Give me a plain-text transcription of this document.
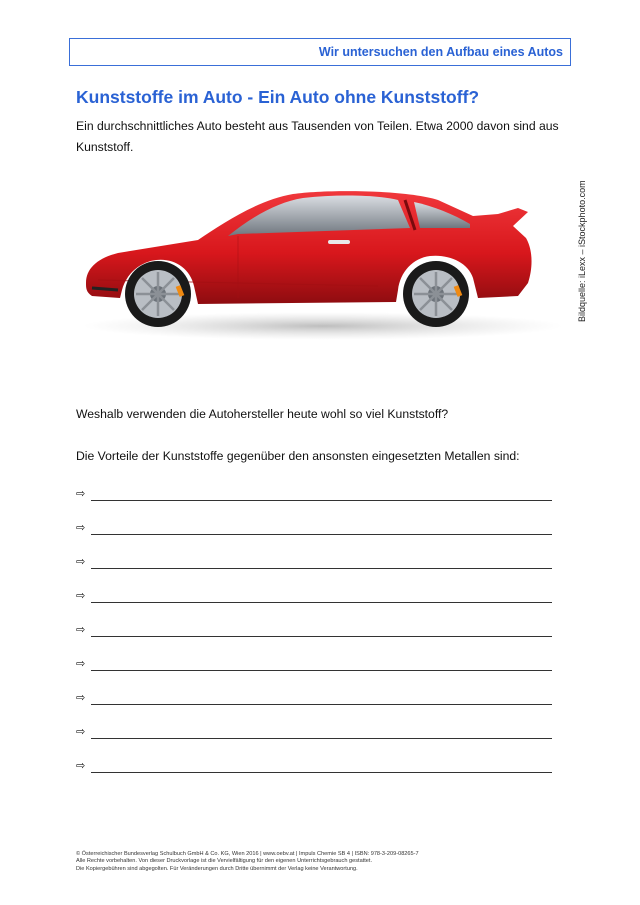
Wir untersuchen den Aufbau eines Autos
Kunststoffe im Auto - Ein Auto ohne Kunststoff?

Ein durchschnittliches Auto besteht aus Tausenden von Teilen. Etwa 2000 davon sind aus Kunststoff.

Bildquelle: iLexx – iStockphoto.com

Weshalb verwenden die Autohersteller heute wohl so viel Kunststoff?

Die Vorteile der Kunststoffe gegenüber den ansonsten eingesetzten Metallen sind:

⇨
⇨
⇨
⇨
⇨
⇨
⇨
⇨
⇨
© Österreichischer Bundesverlag Schulbuch GmbH & Co. KG, Wien 2016 | www.oebv.at | Impuls Chemie SB 4 | ISBN: 978-3-209-08265-7
Alle Rechte vorbehalten. Von dieser Druckvorlage ist die Vervielfältigung für den eigenen Unterrichtsgebrauch gestattet.
Die Kopiergebühren sind abgegolten. Für Veränderungen durch Dritte übernimmt der Verlag keine Verantwortung.
